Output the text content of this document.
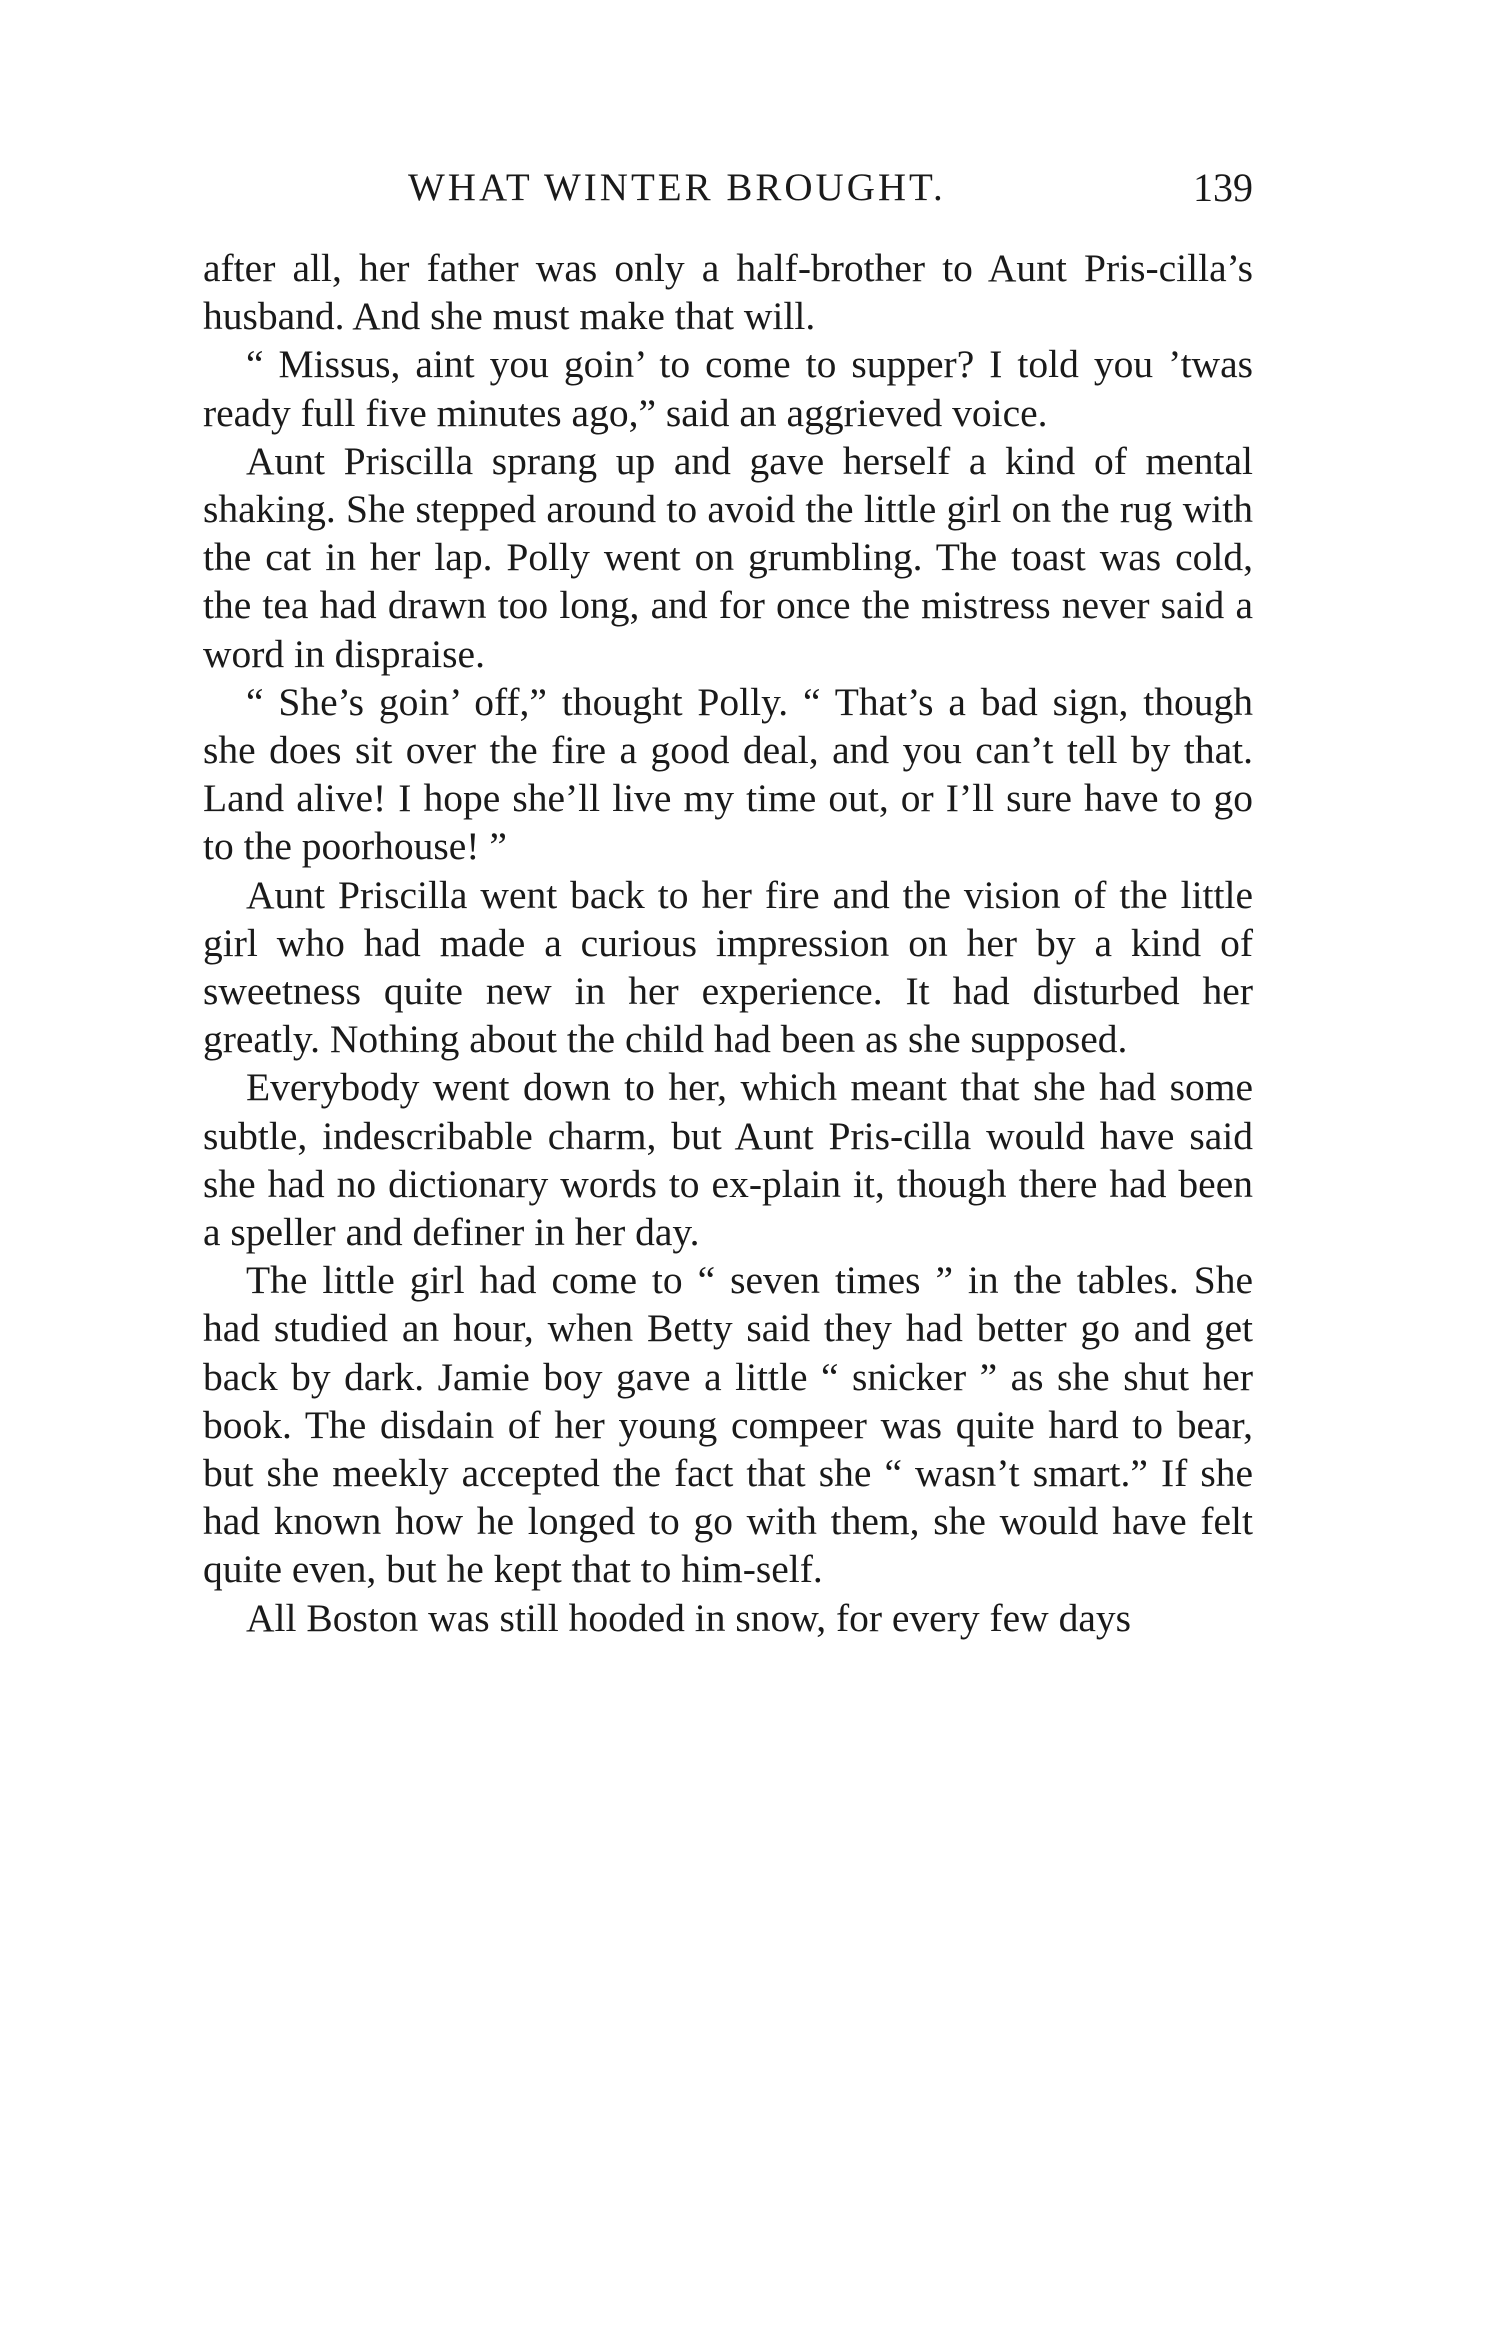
WHAT WINTER BROUGHT.	139

after all, her father was only a half-brother to Aunt Pris-cilla’s husband. And she must make that will.

“ Missus, aint you goin’ to come to supper? I told you ’twas ready full five minutes ago,” said an aggrieved voice.

Aunt Priscilla sprang up and gave herself a kind of mental shaking. She stepped around to avoid the little girl on the rug with the cat in her lap. Polly went on grumbling. The toast was cold, the tea had drawn too long, and for once the mistress never said a word in dispraise.

“ She’s goin’ off,” thought Polly. “ That’s a bad sign, though she does sit over the fire a good deal, and you can’t tell by that. Land alive! I hope she’ll live my time out, or I’ll sure have to go to the poorhouse! ”

Aunt Priscilla went back to her fire and the vision of the little girl who had made a curious impression on her by a kind of sweetness quite new in her experience. It had disturbed her greatly. Nothing about the child had been as she supposed.

Everybody went down to her, which meant that she had some subtle, indescribable charm, but Aunt Pris-cilla would have said she had no dictionary words to ex-plain it, though there had been a speller and definer in her day.

The little girl had come to “ seven times ” in the tables. She had studied an hour, when Betty said they had better go and get back by dark. Jamie boy gave a little “ snicker ” as she shut her book. The disdain of her young compeer was quite hard to bear, but she meekly accepted the fact that she “ wasn’t smart.” If she had known how he longed to go with them, she would have felt quite even, but he kept that to him-self.

All Boston was still hooded in snow, for every few days
